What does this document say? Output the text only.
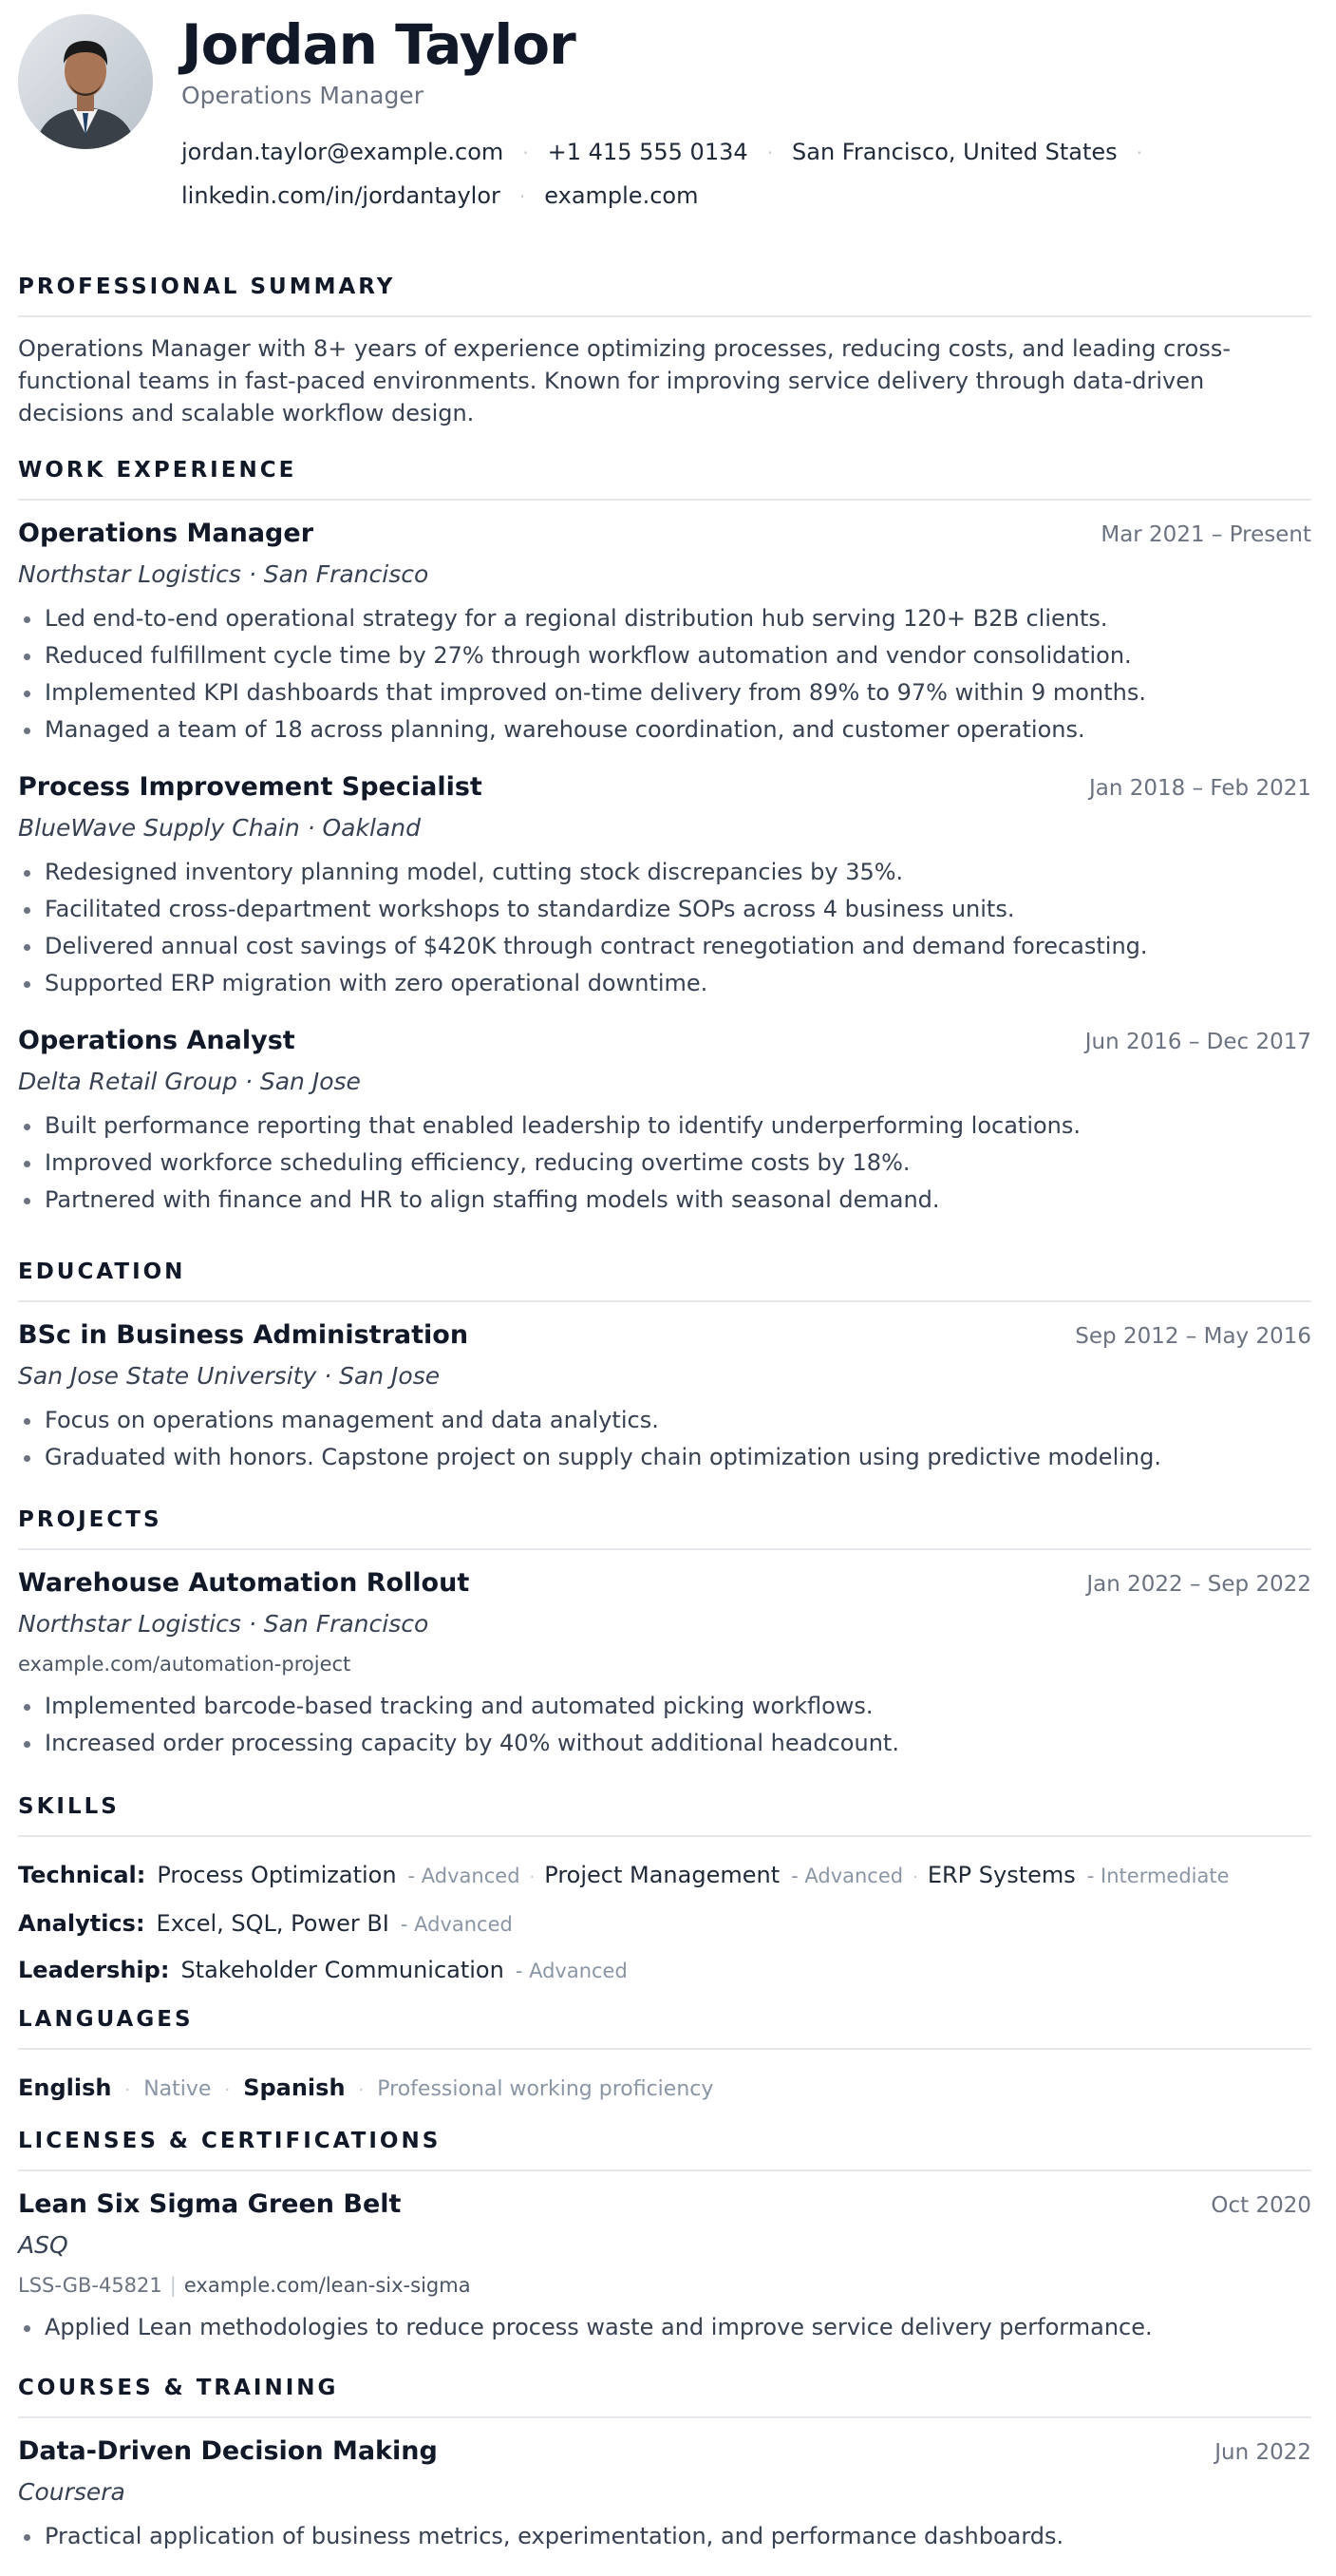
Jordan Taylor
Operations Manager
jordan.taylor@example.com · +1 415 555 0134 · San Francisco, United States ·
linkedin.com/in/jordantaylor · example.com
PROFESSIONAL SUMMARY
Operations Manager with 8+ years of experience optimizing processes, reducing costs, and leading cross-functional teams in fast-paced environments. Known for improving service delivery through data-driven decisions and scalable workflow design.
WORK EXPERIENCE
Operations Manager	Mar 2021 – Present
Northstar Logistics · San Francisco
Led end-to-end operational strategy for a regional distribution hub serving 120+ B2B clients.
Reduced fulfillment cycle time by 27% through workflow automation and vendor consolidation.
Implemented KPI dashboards that improved on-time delivery from 89% to 97% within 9 months.
Managed a team of 18 across planning, warehouse coordination, and customer operations.
Process Improvement Specialist	Jan 2018 – Feb 2021
BlueWave Supply Chain · Oakland
Redesigned inventory planning model, cutting stock discrepancies by 35%.
Facilitated cross-department workshops to standardize SOPs across 4 business units.
Delivered annual cost savings of $420K through contract renegotiation and demand forecasting.
Supported ERP migration with zero operational downtime.
Operations Analyst	Jun 2016 – Dec 2017
Delta Retail Group · San Jose
Built performance reporting that enabled leadership to identify underperforming locations.
Improved workforce scheduling efficiency, reducing overtime costs by 18%.
Partnered with finance and HR to align staffing models with seasonal demand.
EDUCATION
BSc in Business Administration	Sep 2012 – May 2016
San Jose State University · San Jose
Focus on operations management and data analytics.
Graduated with honors. Capstone project on supply chain optimization using predictive modeling.
PROJECTS
Warehouse Automation Rollout	Jan 2022 – Sep 2022
Northstar Logistics · San Francisco
example.com/automation-project
Implemented barcode-based tracking and automated picking workflows.
Increased order processing capacity by 40% without additional headcount.
SKILLS
Technical: Process Optimization - Advanced · Project Management - Advanced · ERP Systems - Intermediate
Analytics: Excel, SQL, Power BI - Advanced
Leadership: Stakeholder Communication - Advanced
LANGUAGES
English · Native · Spanish · Professional working proficiency
LICENSES & CERTIFICATIONS
Lean Six Sigma Green Belt	Oct 2020
ASQ
LSS-GB-45821 | example.com/lean-six-sigma
Applied Lean methodologies to reduce process waste and improve service delivery performance.
COURSES & TRAINING
Data-Driven Decision Making	Jun 2022
Coursera
Practical application of business metrics, experimentation, and performance dashboards.
